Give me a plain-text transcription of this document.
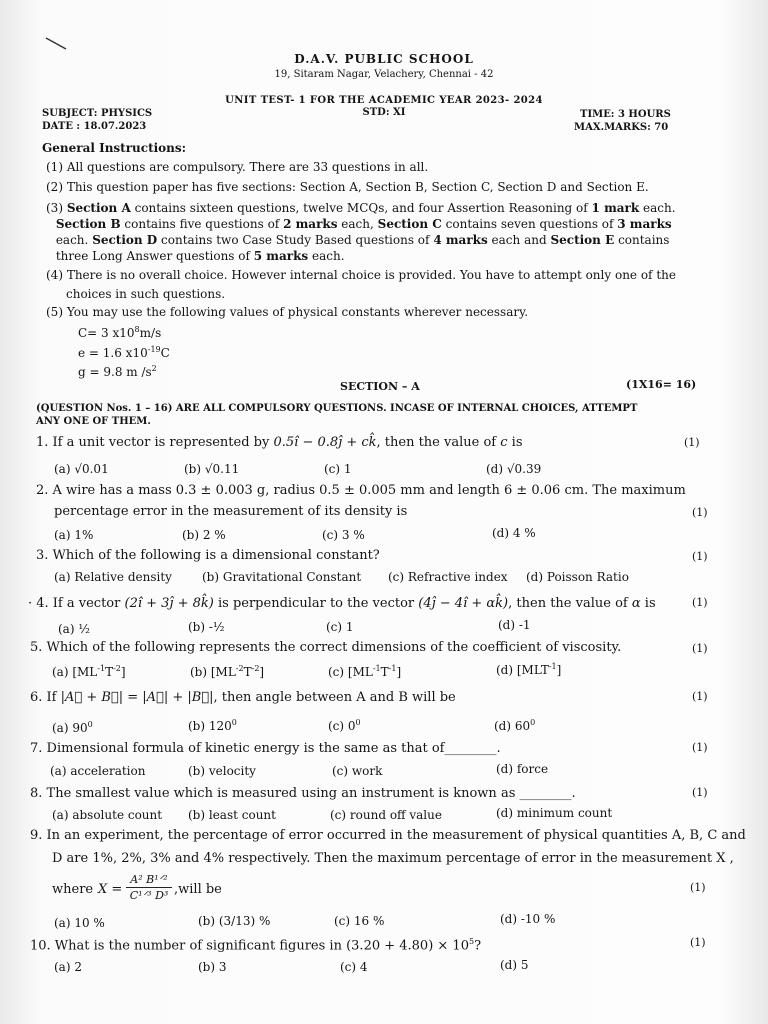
D.A.V. PUBLIC SCHOOL
19, Sitaram Nagar, Velachery, Chennai - 42
UNIT TEST- 1 FOR THE ACADEMIC YEAR 2023- 2024
STD: XI
SUBJECT: PHYSICS
DATE : 18.07.2023
TIME: 3 HOURS
MAX.MARKS: 70
General Instructions:
(1) All questions are compulsory. There are 33 questions in all.
(2) This question paper has five sections: Section A, Section B, Section C, Section D and Section E.
(3) Section A contains sixteen questions, twelve MCQs, and four Assertion Reasoning of 1 mark each.
Section B contains five questions of 2 marks each, Section C contains seven questions of 3 marks
each. Section D contains two Case Study Based questions of 4 marks each and Section E contains
three Long Answer questions of 5 marks each.
(4) There is no overall choice. However internal choice is provided. You have to attempt only one of the
choices in such questions.
(5) You may use the following values of physical constants wherever necessary.
C= 3 $x10^8m/s$
e = 1.6 $x10^{-19}C$
g = 9.8 m $/s^2$
SECTION – A	(1X16= 16)
(QUESTION Nos. 1 – 16) ARE ALL COMPULSORY QUESTIONS. INCASE OF INTERNAL CHOICES, ATTEMPT
ANY ONE OF THEM.
1. If a unit vector is represented by 0.5î − 0.8ĵ + ck̂, then the value of c is	(1)
(a) √0.01	(b) √0.11	(c) 1	(d) √0.39
2. A wire has a mass 0.3 ± 0.003 g, radius 0.5 ± 0.005 mm and length 6 ± 0.06 cm. The maximum
percentage error in the measurement of its density is	(1)
(a) 1%	(b) 2 %	(c) 3 %	(d) 4 %
3. Which of the following is a dimensional constant?	(1)
(a) Relative density	(b) Gravitational Constant (c) Refractive index (d) Poisson Ratio
· 4. If a vector (2î + 3ĵ + 8k̂) is perpendicular to the vector (4ĵ − 4î + αk̂), then the value of α is	(1)
(a) ½	(b) -½	(c) 1	(d) -1
5. Which of the following represents the correct dimensions of the coefficient of viscosity.	(1)
(a) $[ML^{-1}T^{-2}]$	(b) $[ML^{-2}T^{-2}]$	(c) $[ML^{-1}T^{-1}]$	(d) $[MLT^{-1}]$
6. If |A⃗ + B⃗| = |A⃗| + |B⃗|, then angle between A and B will be	(1)
(a) $90^0$	(b) $120^0$	(c) $0^0$	(d) $60^0$
7. Dimensional formula of kinetic energy is the same as that of________.	(1)
(a) acceleration	(b) velocity	(c) work	(d) force
8. The smallest value which is measured using an instrument is known as ________.	(1)
(a) absolute count (b) least count	(c) round off value	(d) minimum count
9. In an experiment, the percentage of error occurred in the measurement of physical quantities A, B, C and
D are 1%, 2%, 3% and 4% respectively. Then the maximum percentage of error in the measurement X ,
where X =
A² B¹ᐟ²
C¹ᐟ³ D³ ,will be	(1)
(a) 10 %	(b) (3/13) %	(c) 16 %	(d) -10 %
10. What is the number of significant figures in $(3.20 + 4.80) \times 10^5$?	(1)
(a) 2	(b) 3	(c) 4	(d) 5
